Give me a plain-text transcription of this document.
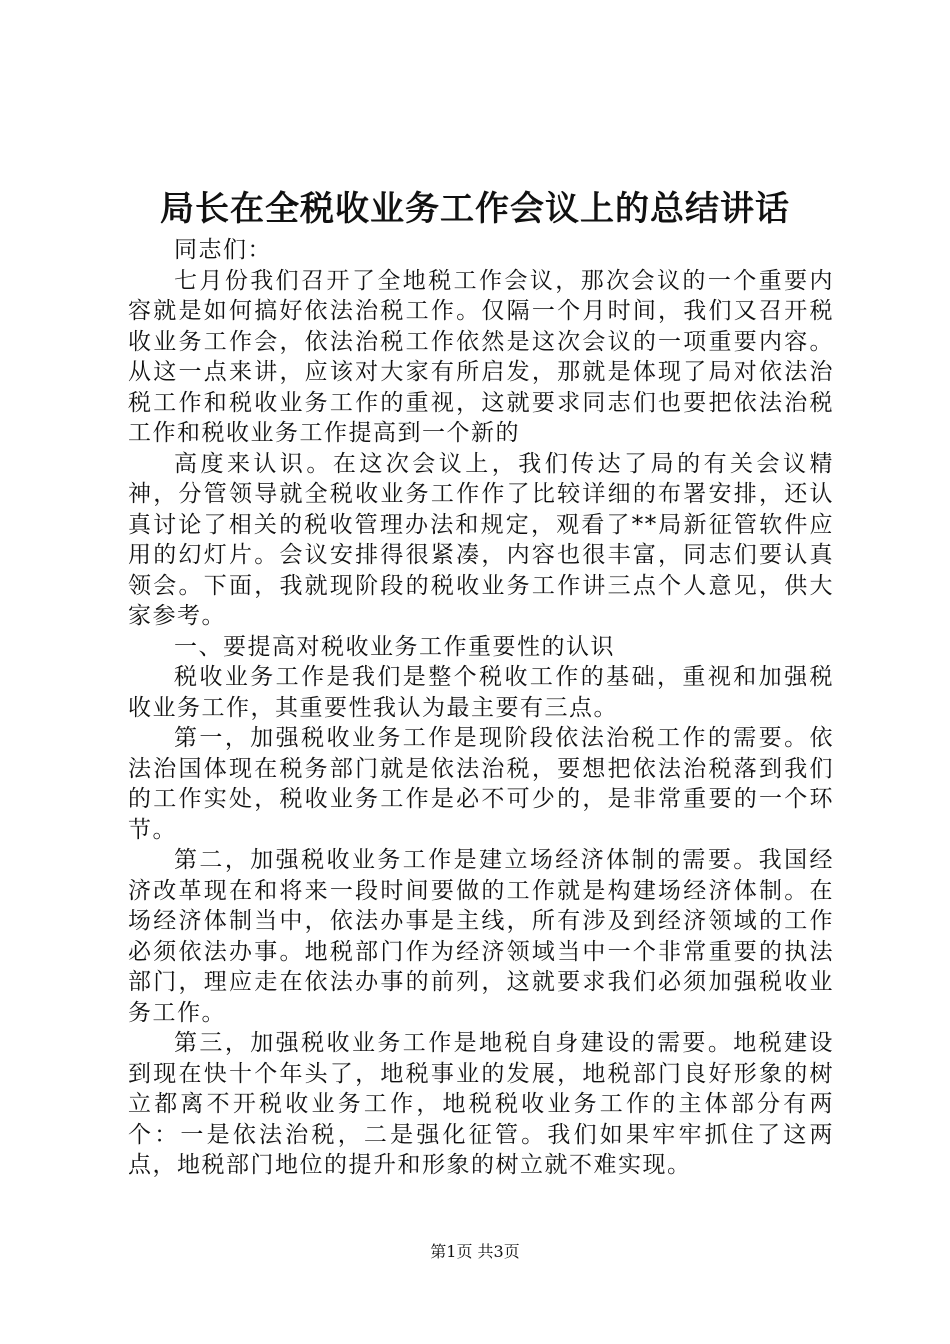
局长在全税收业务工作会议上的总结讲话

同志们：

七月份我们召开了全地税工作会议，那次会议的一个重要内容就是如何搞好依法治税工作。仅隔一个月时间，我们又召开税收业务工作会，依法治税工作依然是这次会议的一项重要内容。从这一点来讲，应该对大家有所启发，那就是体现了局对依法治税工作和税收业务工作的重视，这就要求同志们也要把依法治税工作和税收业务工作提高到一个新的

高度来认识。在这次会议上，我们传达了局的有关会议精神，分管领导就全税收业务工作作了比较详细的布署安排，还认真讨论了相关的税收管理办法和规定，观看了**局新征管软件应用的幻灯片。会议安排得很紧凑，内容也很丰富，同志们要认真领会。下面，我就现阶段的税收业务工作讲三点个人意见，供大家参考。

一、要提高对税收业务工作重要性的认识

税收业务工作是我们是整个税收工作的基础，重视和加强税收业务工作，其重要性我认为最主要有三点。

第一，加强税收业务工作是现阶段依法治税工作的需要。依法治国体现在税务部门就是依法治税，要想把依法治税落到我们的工作实处，税收业务工作是必不可少的，是非常重要的一个环节。

第二，加强税收业务工作是建立场经济体制的需要。我国经济改革现在和将来一段时间要做的工作就是构建场经济体制。在场经济体制当中，依法办事是主线，所有涉及到经济领域的工作必须依法办事。地税部门作为经济领域当中一个非常重要的执法部门，理应走在依法办事的前列，这就要求我们必须加强税收业务工作。

第三，加强税收业务工作是地税自身建设的需要。地税建设到现在快十个年头了，地税事业的发展，地税部门良好形象的树立都离不开税收业务工作，地税税收业务工作的主体部分有两个：一是依法治税，二是强化征管。我们如果牢牢抓住了这两点，地税部门地位的提升和形象的树立就不难实现。

第1页 共3页
